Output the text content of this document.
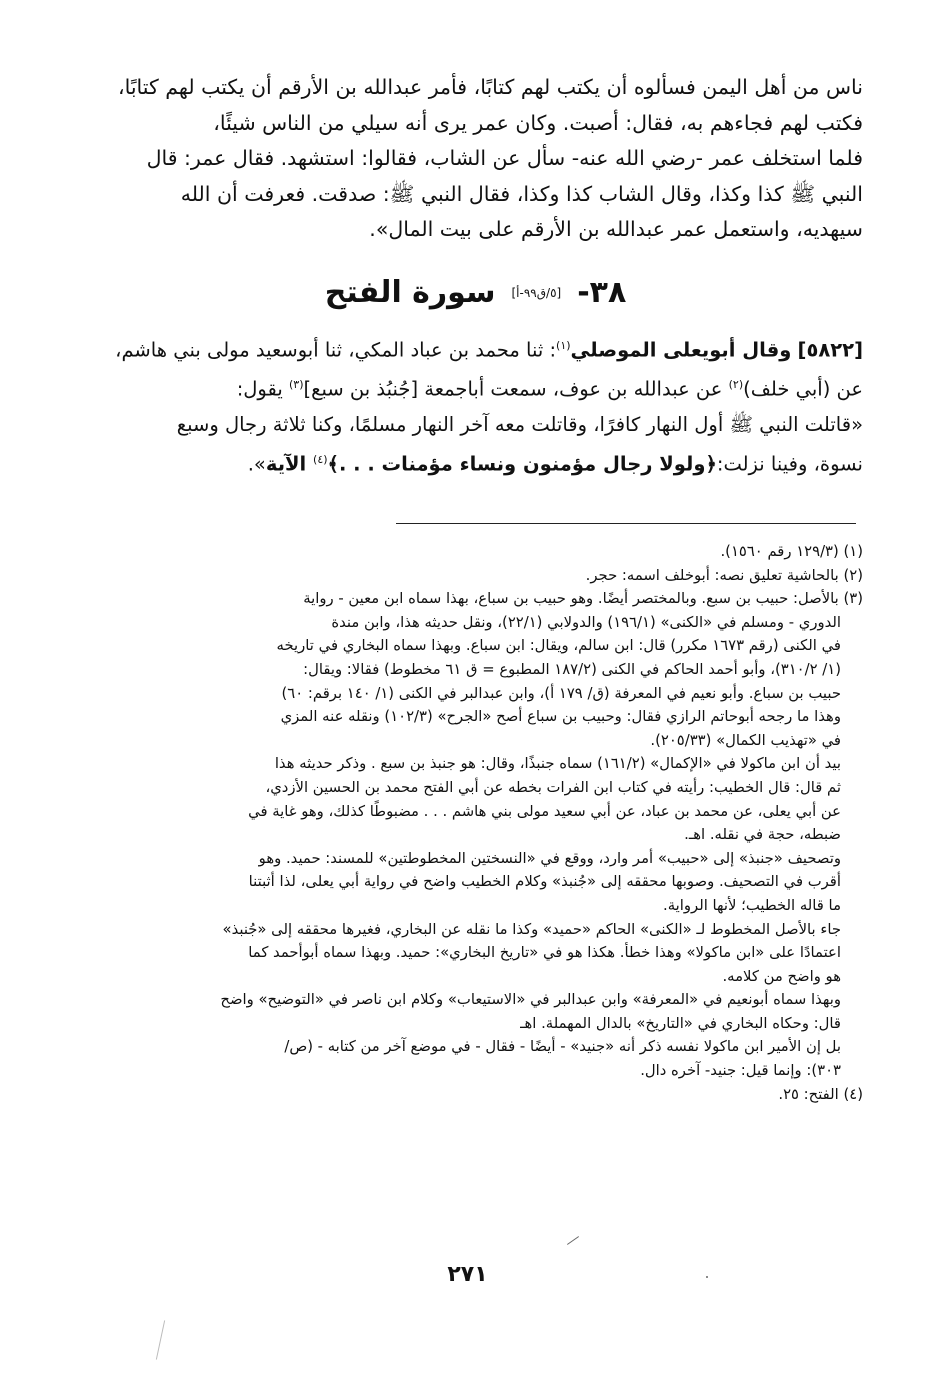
ناس من أهل اليمن فسألوه أن يكتب لهم كتابًا، فأمر عبدالله بن الأرقم أن يكتب لهم كتابًا،
فكتب لهم فجاءهم به، فقال: أصبت. وكان عمر يرى أنه سيلي من الناس شيئًا،
فلما استخلف عمر -رضي الله عنه- سأل عن الشاب، فقالوا: استشهد. فقال عمر: قال
النبي ﷺ كذا وكذا، وقال الشاب كذا وكذا، فقال النبي ﷺ: صدقت. فعرفت أن الله
سيهديه، واستعمل عمر عبدالله بن الأرقم على بيت المال».

٣٨-
[٥/ق٩٩-أ]
سورة الفتح
[٥٨٢٢] وقال أبويعلى الموصلي$^{(١)}$: ثنا محمد بن عباد المكي، ثنا أبوسعيد مولى بني هاشم،
عن (أبي خلف)$^{(٢)}$ عن عبدالله بن عوف، سمعت أباجمعة [جُنبُذ بن سبع]$^{(٣)}$ يقول:
«قاتلت النبي ﷺ أول النهار كافرًا، وقاتلت معه آخر النهار مسلمًا، وكنا ثلاثة رجال وسبع
نسوة، وفينا نزلت:﴿ولولا رجال مؤمنون ونساء مؤمنات . . .﴾$^{(٤)}$ الآية».
(١) (١٢٩/٣ رقم ١٥٦٠).
(٢) بالحاشية تعليق نصه: أبوخلف اسمه: حجر.
(٣) بالأصل: حبيب بن سبع. وبالمختصر أيضًا. وهو حبيب بن سباع، بهذا سماه ابن معين - رواية
الدوري - ومسلم في «الكنى» (١٩٦/١) والدولابي (٢٢/١)، ونقل حديثه هذا، وابن مندة
في الكنى (رقم ١٦٧٣ مكرر) قال: ابن سالم، ويقال: ابن سباع. وبهذا سماه البخاري في تاريخه
(١/ ٣١٠/٢)، وأبو أحمد الحاكم في الكنى (١٨٧/٢ المطبوع = ق ٦١ مخطوط) فقالا: ويقال:
حبيب بن سباع. وأبو نعيم في المعرفة (ق/ ١٧٩ أ)، وابن عبدالبر في الكنى (١/ ١٤٠ برقم: ٦٠)
وهذا ما رجحه أبوحاتم الرازي فقال: وحبيب بن سباع أصح «الجرح» (١٠٢/٣) ونقله عنه المزي
في «تهذيب الكمال» (٢٠٥/٣٣).
بيد أن ابن ماكولا في «الإكمال» (١٦١/٢) سماه جنبذًا، وقال: هو جنبذ بن سبع . وذكر حديثه هذا
ثم قال: قال الخطيب: رأيته في كتاب ابن الفرات بخطه عن أبي الفتح محمد بن الحسين الأزدي،
عن أبي يعلى، عن محمد بن عباد، عن أبي سعيد مولى بني هاشم . . . مضبوطًا كذلك، وهو غاية في
ضبطه، حجة في نقله. اهـ.
وتصحيف «جنبذ» إلى «حبيب» أمر وارد، ووقع في «النسختين المخطوطتين» للمسند: حميد. وهو
أقرب في التصحيف. وصوبها محققه إلى «جُنبذ» وكلام الخطيب واضح في رواية أبي يعلى، لذا أثبتنا
ما قاله الخطيب؛ لأنها الرواية.
جاء بالأصل المخطوط لـ «الكنى» الحاكم «حميد» وكذا ما نقله عن البخاري، فغيرها محققه إلى «جُنبذ»
اعتمادًا على «ابن ماكولا» وهذا خطأ. هكذا هو في «تاريخ البخاري»: حميد. وبهذا سماه أبوأحمد كما
هو واضح من كلامه.
وبهذا سماه أبونعيم في «المعرفة» وابن عبدالبر في «الاستيعاب» وكلام ابن ناصر في «التوضيح» واضح
قال: وحكاه البخاري في «التاريخ» بالدال المهملة. اهـ
بل إن الأمير ابن ماكولا نفسه ذكر أنه «جنيد» - أيضًا - فقال - في موضع آخر من كتابه - (ص/
٣٠٣): وإنما قيل: جنيد- آخره دال.
(٤) الفتح: ٢٥.
٢٧١
